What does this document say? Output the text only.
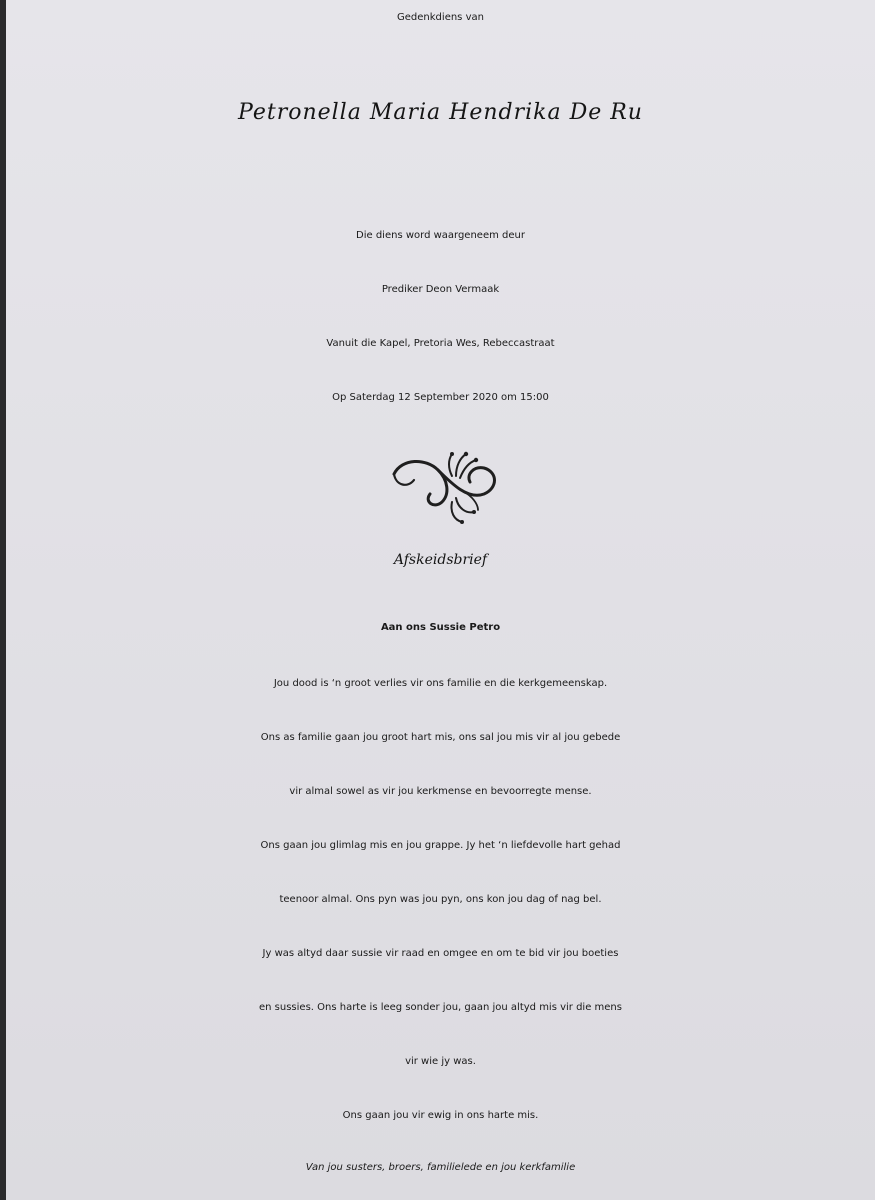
Gedenkdiens van
Petronella Maria Hendrika De Ru
Die diens word waargeneem deur
Prediker Deon Vermaak
Vanuit die Kapel, Pretoria Wes, Rebeccastraat
Op Saterdag 12 September 2020 om 15:00
Afskeidsbrief
Aan ons Sussie Petro
Jou dood is ‘n groot verlies vir ons familie en die kerkgemeenskap.
Ons as familie gaan jou groot hart mis, ons sal jou mis vir al jou gebede
vir almal sowel as vir jou kerkmense en bevoorregte mense.
Ons gaan jou glimlag mis en jou grappe. Jy het ‘n liefdevolle hart gehad
teenoor almal. Ons pyn was jou pyn, ons kon jou dag of nag bel.
Jy was altyd daar sussie vir raad en omgee en om te bid vir jou boeties
en sussies. Ons harte is leeg sonder jou, gaan jou altyd mis vir die mens
vir wie jy was.
Ons gaan jou vir ewig in ons harte mis.
Van jou susters, broers, familielede en jou kerkfamilie
